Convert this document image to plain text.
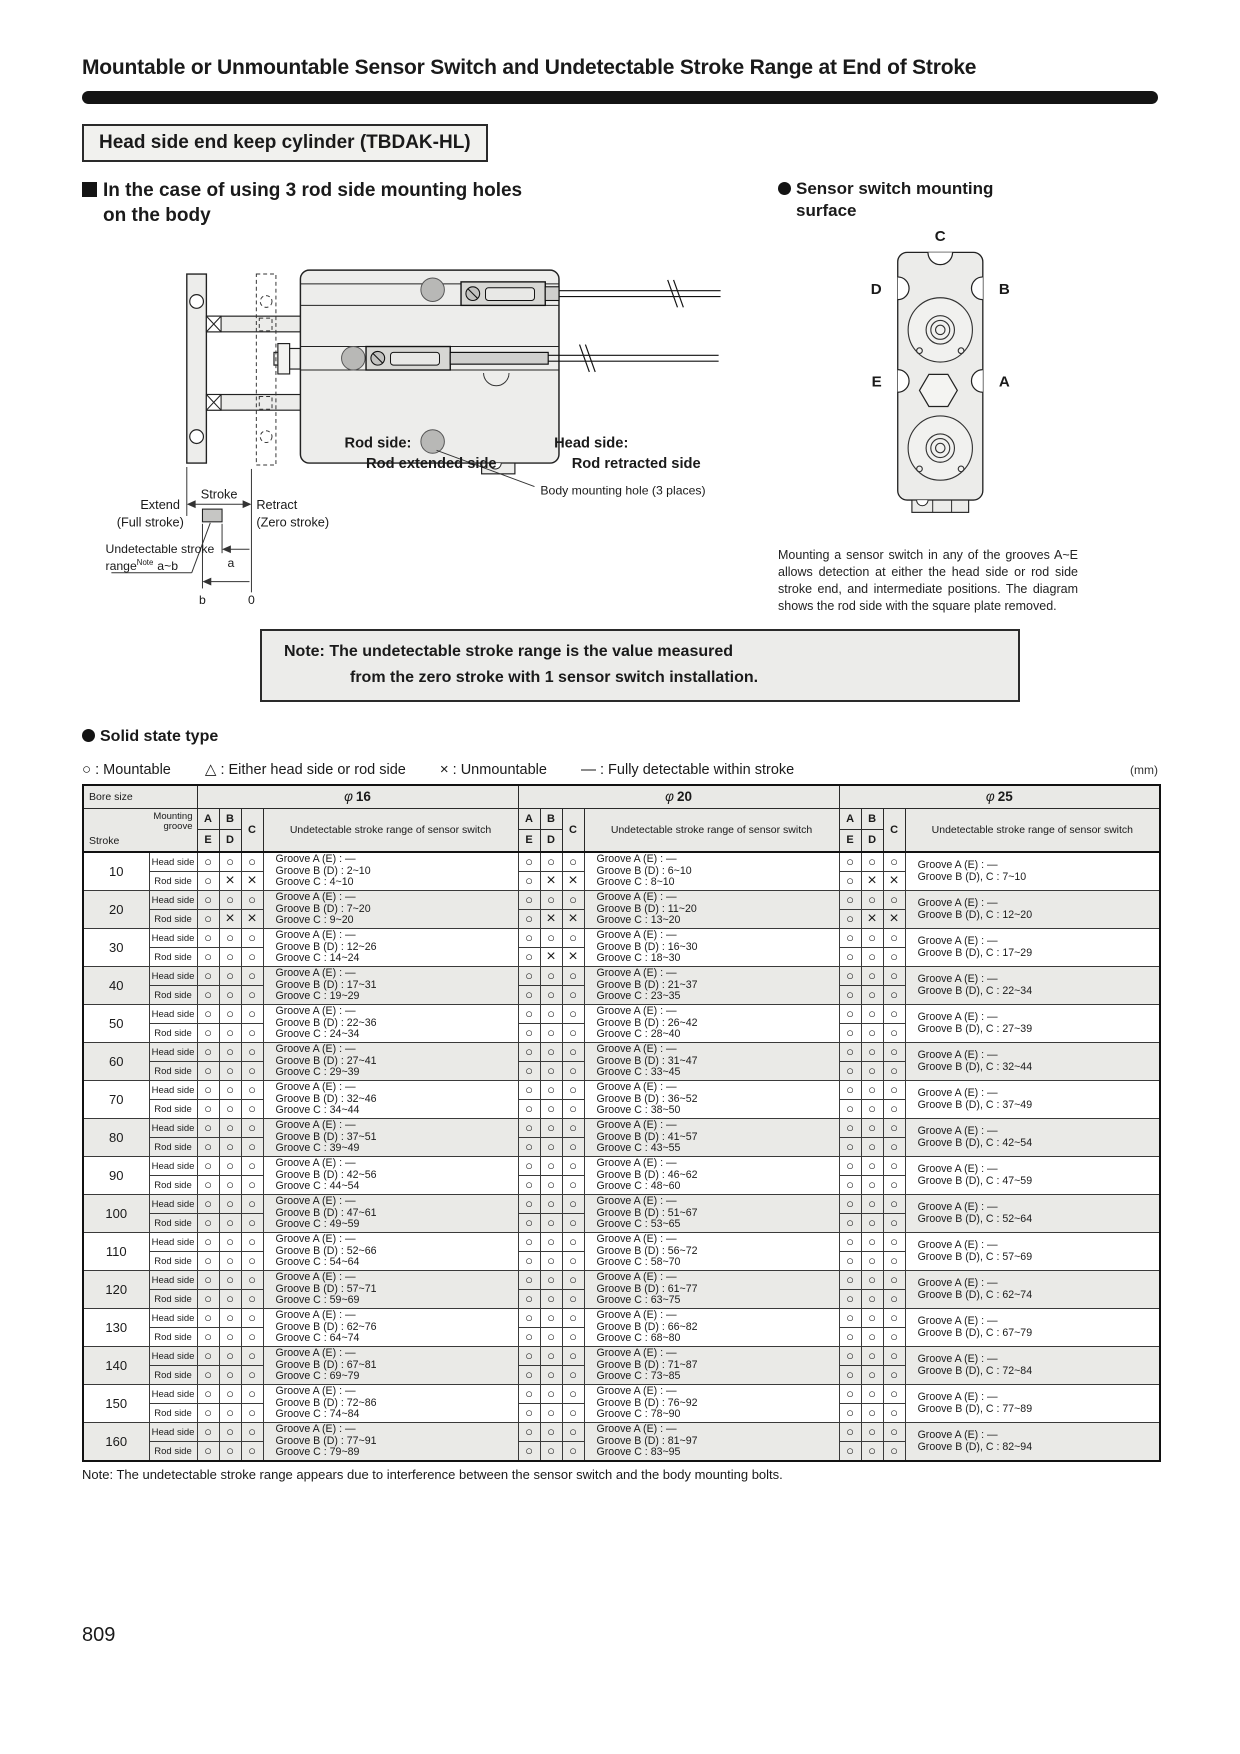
Mountable or Unmountable Sensor Switch and Undetectable Stroke Range at End of Stroke
Head side end keep cylinder (TBDAK-HL)
In the case of using 3 rod side mounting holes
on the body
Extend
(Full stroke)
Stroke
Retract
(Zero stroke)
Undetectable stroke
range$^{Note}$ a~b	a
b	0
Rod side:
Rod extended side
Head side:
Rod retracted side
Body mounting hole (3 places)
Sensor switch mounting
surface
C
D	B
E	A

Mounting a sensor switch in any of the grooves A~E allows detection at either the head side or rod side stroke end, and intermediate positions. The diagram shows the rod side with the square plate removed.

Note: The undetectable stroke range is the value measured
from the zero stroke with 1 sensor switch installation.
Solid state type
○ : Mountable △ : Either head side or rod side × : Unmountable — : Fully detectable within stroke	(mm)
Bore size		φ 16				φ 20				φ 25			

Mounting groove
Stroke

A
E

B
D
	C	Undetectable stroke range of sensor switch	
A
E

B
D
	C	Undetectable stroke range of sensor switch	
A
E

B
D
	C	Undetectable stroke range of sensor switch
10	Head side	○	○	○	Groove A (E) : —
Groove B (D) : 2~10
Groove C : 4~10
	○	○	○	Groove A (E) : —
Groove B (D) : 6~10
Groove C : 8~10
	○	○	○	Groove A (E) : —
Groove B (D), C : 7~10

	Rod side	○	×	×		○	×	×		○	×	×	
20	Head side	○	○	○	Groove A (E) : —
Groove B (D) : 7~20
Groove C : 9~20
	○	○	○	Groove A (E) : —
Groove B (D) : 11~20
Groove C : 13~20
	○	○	○	Groove A (E) : —
Groove B (D), C : 12~20

	Rod side	○	×	×		○	×	×		○	×	×	
30	Head side	○	○	○	Groove A (E) : —
Groove B (D) : 12~26
Groove C : 14~24
	○	○	○	Groove A (E) : —
Groove B (D) : 16~30
Groove C : 18~30
	○	○	○	Groove A (E) : —
Groove B (D), C : 17~29

	Rod side	○	○	○		○	×	×		○	○	○	
40	Head side	○	○	○	Groove A (E) : —
Groove B (D) : 17~31
Groove C : 19~29
	○	○	○	Groove A (E) : —
Groove B (D) : 21~37
Groove C : 23~35
	○	○	○	Groove A (E) : —
Groove B (D), C : 22~34

	Rod side	○	○	○		○	○	○		○	○	○	
50	Head side	○	○	○	Groove A (E) : —
Groove B (D) : 22~36
Groove C : 24~34
	○	○	○	Groove A (E) : —
Groove B (D) : 26~42
Groove C : 28~40
	○	○	○	Groove A (E) : —
Groove B (D), C : 27~39

	Rod side	○	○	○		○	○	○		○	○	○	
60	Head side	○	○	○	Groove A (E) : —
Groove B (D) : 27~41
Groove C : 29~39
	○	○	○	Groove A (E) : —
Groove B (D) : 31~47
Groove C : 33~45
	○	○	○	Groove A (E) : —
Groove B (D), C : 32~44

	Rod side	○	○	○		○	○	○		○	○	○	
70	Head side	○	○	○	Groove A (E) : —
Groove B (D) : 32~46
Groove C : 34~44
	○	○	○	Groove A (E) : —
Groove B (D) : 36~52
Groove C : 38~50
	○	○	○	Groove A (E) : —
Groove B (D), C : 37~49

	Rod side	○	○	○		○	○	○		○	○	○	
80	Head side	○	○	○	Groove A (E) : —
Groove B (D) : 37~51
Groove C : 39~49
	○	○	○	Groove A (E) : —
Groove B (D) : 41~57
Groove C : 43~55
	○	○	○	Groove A (E) : —
Groove B (D), C : 42~54

	Rod side	○	○	○		○	○	○		○	○	○	
90	Head side	○	○	○	Groove A (E) : —
Groove B (D) : 42~56
Groove C : 44~54
	○	○	○	Groove A (E) : —
Groove B (D) : 46~62
Groove C : 48~60
	○	○	○	Groove A (E) : —
Groove B (D), C : 47~59

	Rod side	○	○	○		○	○	○		○	○	○	
100	Head side	○	○	○	Groove A (E) : —
Groove B (D) : 47~61
Groove C : 49~59
	○	○	○	Groove A (E) : —
Groove B (D) : 51~67
Groove C : 53~65
	○	○	○	Groove A (E) : —
Groove B (D), C : 52~64

	Rod side	○	○	○		○	○	○		○	○	○	
110	Head side	○	○	○	Groove A (E) : —
Groove B (D) : 52~66
Groove C : 54~64
	○	○	○	Groove A (E) : —
Groove B (D) : 56~72
Groove C : 58~70
	○	○	○	Groove A (E) : —
Groove B (D), C : 57~69

	Rod side	○	○	○		○	○	○		○	○	○	
120	Head side	○	○	○	Groove A (E) : —
Groove B (D) : 57~71
Groove C : 59~69
	○	○	○	Groove A (E) : —
Groove B (D) : 61~77
Groove C : 63~75
	○	○	○	Groove A (E) : —
Groove B (D), C : 62~74

	Rod side	○	○	○		○	○	○		○	○	○	
130	Head side	○	○	○	Groove A (E) : —
Groove B (D) : 62~76
Groove C : 64~74
	○	○	○	Groove A (E) : —
Groove B (D) : 66~82
Groove C : 68~80
	○	○	○	Groove A (E) : —
Groove B (D), C : 67~79

	Rod side	○	○	○		○	○	○		○	○	○	
140	Head side	○	○	○	Groove A (E) : —
Groove B (D) : 67~81
Groove C : 69~79
	○	○	○	Groove A (E) : —
Groove B (D) : 71~87
Groove C : 73~85
	○	○	○	Groove A (E) : —
Groove B (D), C : 72~84

	Rod side	○	○	○		○	○	○		○	○	○	
150	Head side	○	○	○	Groove A (E) : —
Groove B (D) : 72~86
Groove C : 74~84
	○	○	○	Groove A (E) : —
Groove B (D) : 76~92
Groove C : 78~90
	○	○	○	Groove A (E) : —
Groove B (D), C : 77~89

	Rod side	○	○	○		○	○	○		○	○	○	
160	Head side	○	○	○	Groove A (E) : —
Groove B (D) : 77~91
Groove C : 79~89
	○	○	○	Groove A (E) : —
Groove B (D) : 81~97
Groove C : 83~95
	○	○	○	Groove A (E) : —
Groove B (D), C : 82~94

	Rod side	○	○	○		○	○	○		○	○	○	
Note: The undetectable stroke range appears due to interference between the sensor switch and the body mounting bolts.
809
